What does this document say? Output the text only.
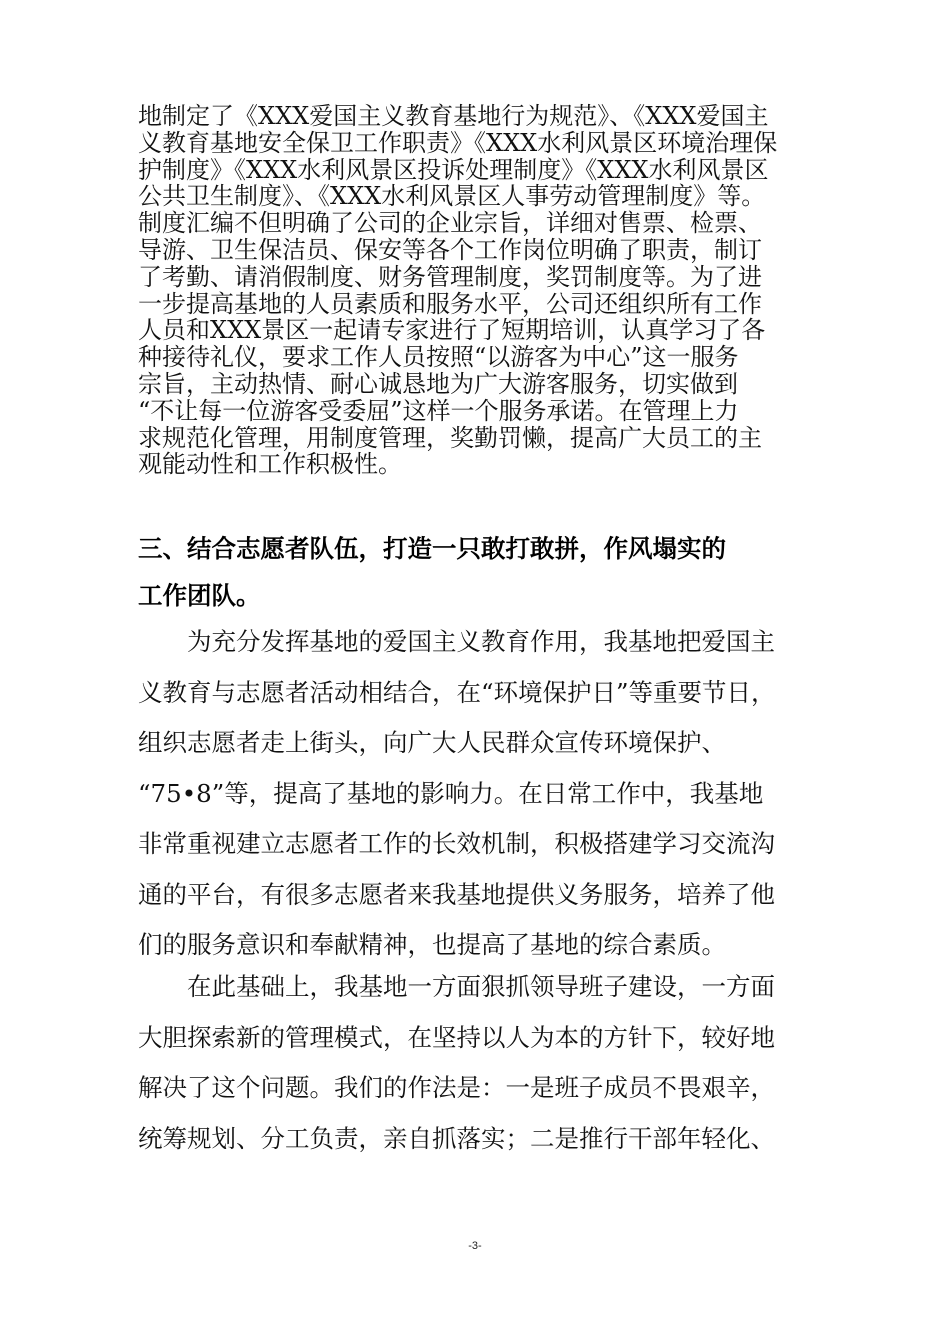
地制定了《XXX爱国主义教育基地行为规范》、《XXX爱国主
义教育基地安全保卫工作职责》《XXX水利风景区环境治理保
护制度》《XXX水利风景区投诉处理制度》《XXX水利风景区
公共卫生制度》、《XXX水利风景区人事劳动管理制度》等。
制度汇编不但明确了公司的企业宗旨，详细对售票、检票、
导游、卫生保洁员、保安等各个工作岗位明确了职责，制订
了考勤、请消假制度、财务管理制度，奖罚制度等。为了进
一步提高基地的人员素质和服务水平，公司还组织所有工作
人员和XXX景区一起请专家进行了短期培训，认真学习了各
种接待礼仪，要求工作人员按照“以游客为中心”这一服务
宗旨，主动热情、耐心诚恳地为广大游客服务，切实做到
“不让每一位游客受委屈”这样一个服务承诺。在管理上力
求规范化管理，用制度管理，奖勤罚懒，提高广大员工的主
观能动性和工作积极性。
三、结合志愿者队伍，打造一只敢打敢拼，作风塌实的
工作团队。
为充分发挥基地的爱国主义教育作用，我基地把爱国主
义教育与志愿者活动相结合，在“环境保护日”等重要节日，
组织志愿者走上街头，向广大人民群众宣传环境保护、
“75•8”等，提高了基地的影响力。在日常工作中，我基地
非常重视建立志愿者工作的长效机制，积极搭建学习交流沟
通的平台，有很多志愿者来我基地提供义务服务，培养了他
们的服务意识和奉献精神，也提高了基地的综合素质。
在此基础上，我基地一方面狠抓领导班子建设，一方面
大胆探索新的管理模式，在坚持以人为本的方针下，较好地
解决了这个问题。我们的作法是：一是班子成员不畏艰辛，
统筹规划、分工负责，亲自抓落实；二是推行干部年轻化、
-3-
